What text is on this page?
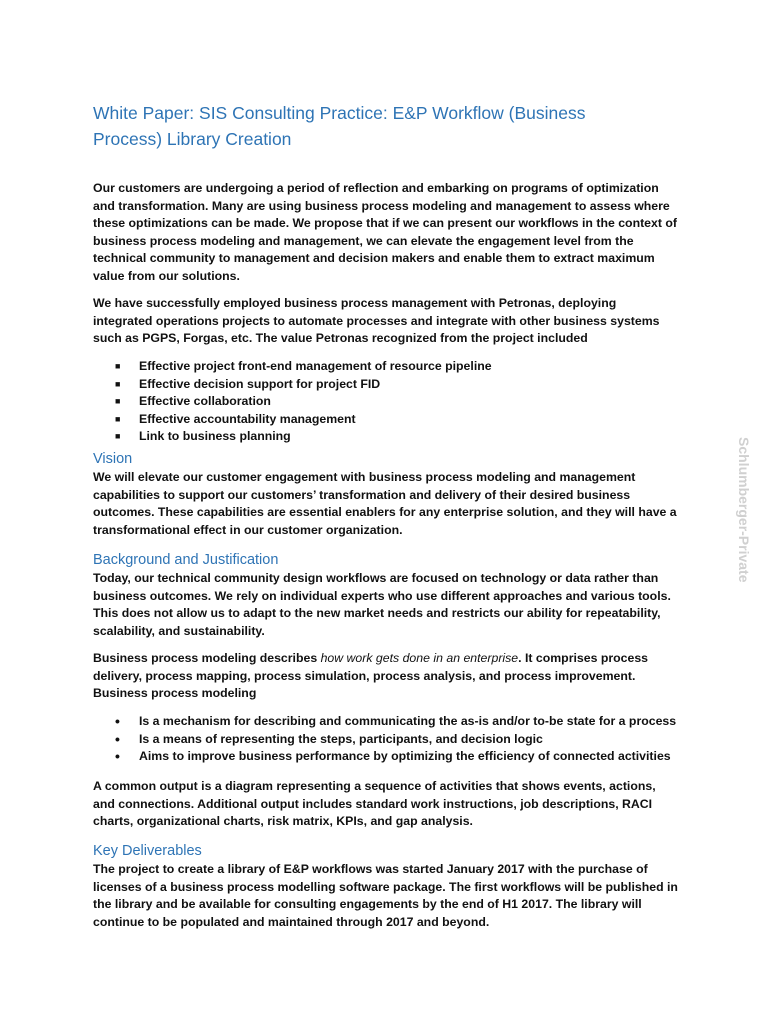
White Paper: SIS Consulting Practice: E&P Workflow (Business Process) Library Creation

Our customers are undergoing a period of reflection and embarking on programs of optimization and transformation. Many are using business process modeling and management to assess where these optimizations can be made. We propose that if we can present our workflows in the context of business process modeling and management, we can elevate the engagement level from the technical community to management and decision makers and enable them to extract maximum value from our solutions.

We have successfully employed business process management with Petronas, deploying integrated operations projects to automate processes and integrate with other business systems such as PGPS, Forgas, etc. The value Petronas recognized from the project included

■ Effective project front-end management of resource pipeline
■ Effective decision support for project FID
■ Effective collaboration
■ Effective accountability management
■ Link to business planning
Vision

We will elevate our customer engagement with business process modeling and management capabilities to support our customers’ transformation and delivery of their desired business outcomes. These capabilities are essential enablers for any enterprise solution, and they will have a transformational effect in our customer organization.

Background and Justification

Today, our technical community design workflows are focused on technology or data rather than business outcomes. We rely on individual experts who use different approaches and various tools. This does not allow us to adapt to the new market needs and restricts our ability for repeatability, scalability, and sustainability.

Business process modeling describes how work gets done in an enterprise. It comprises process delivery, process mapping, process simulation, process analysis, and process improvement. Business process modeling

• Is a mechanism for describing and communicating the as-is and/or to-be state for a process
• Is a means of representing the steps, participants, and decision logic
• Aims to improve business performance by optimizing the efficiency of connected activities

A common output is a diagram representing a sequence of activities that shows events, actions, and connections. Additional output includes standard work instructions, job descriptions, RACI charts, organizational charts, risk matrix, KPIs, and gap analysis.

Key Deliverables

The project to create a library of E&P workflows was started January 2017 with the purchase of licenses of a business process modelling software package. The first workflows will be published in the library and be available for consulting engagements by the end of H1 2017. The library will continue to be populated and maintained through 2017 and beyond.

Schlumberger-Private
